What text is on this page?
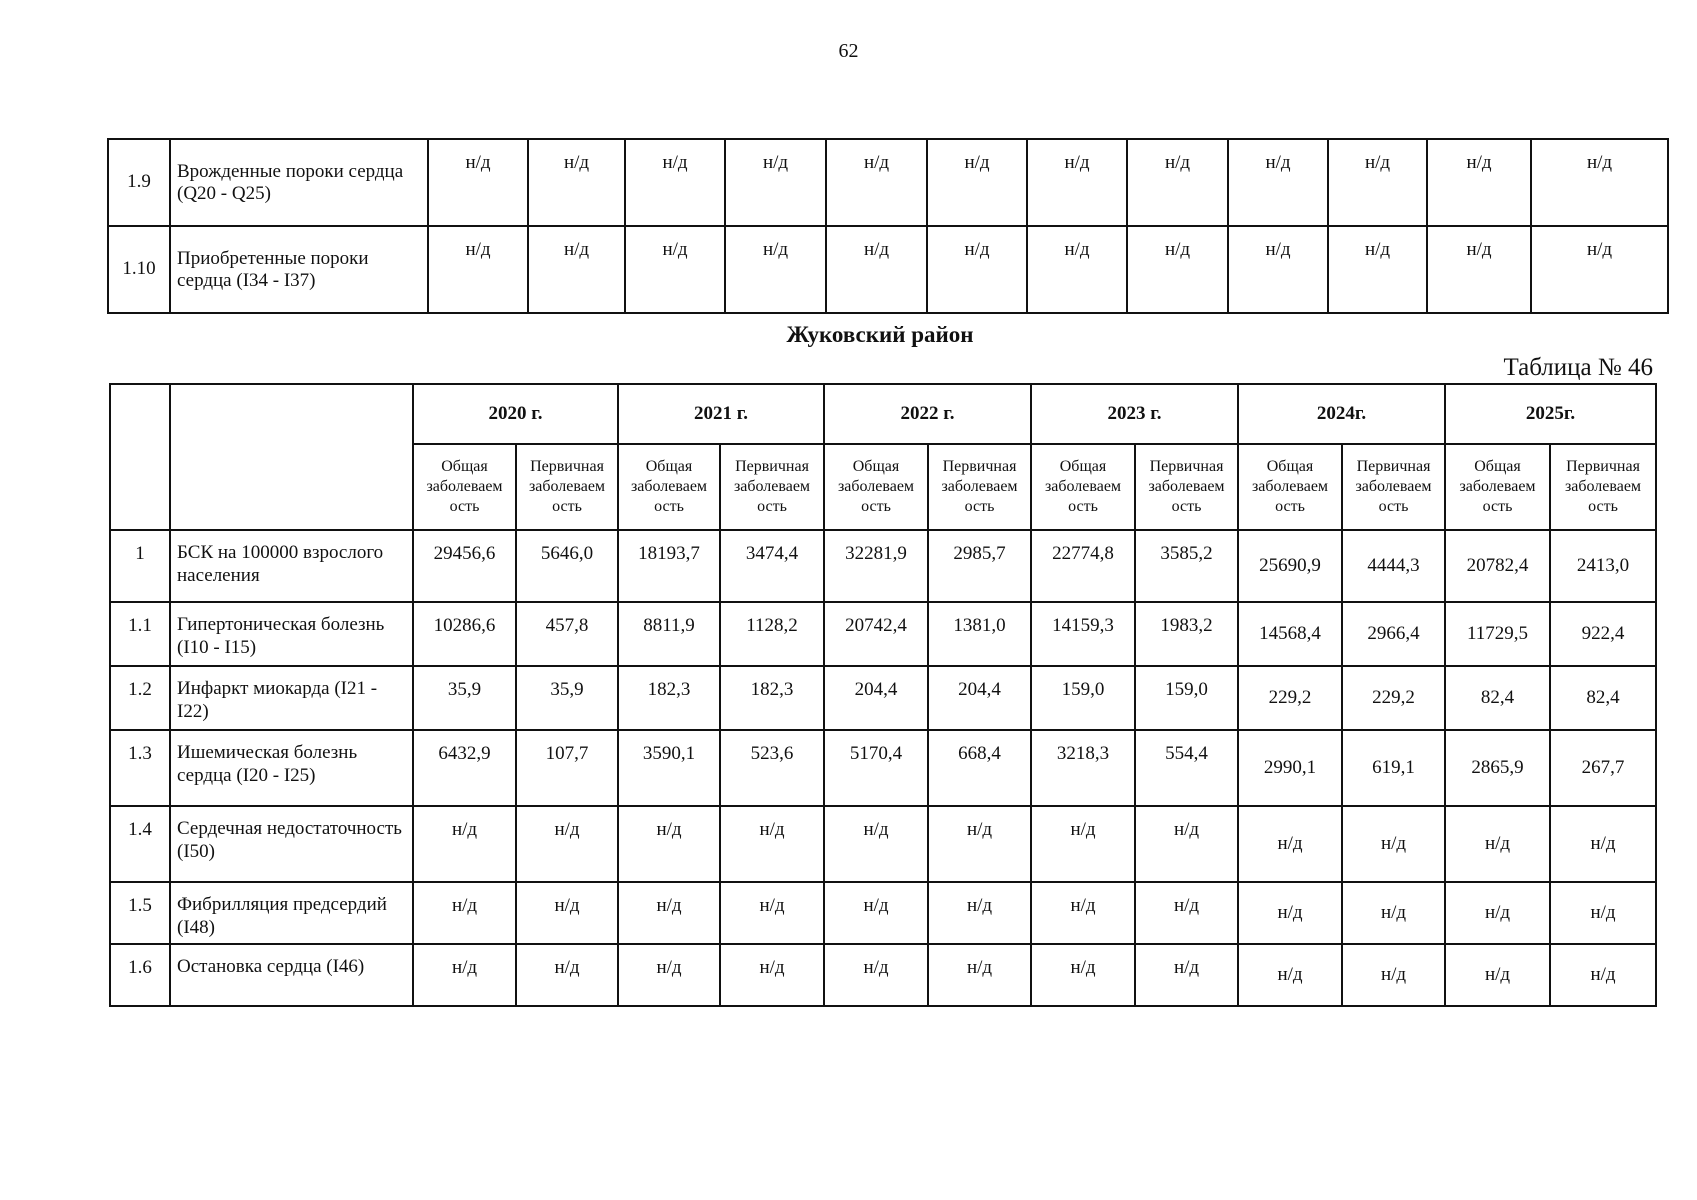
62
1.9	Врожденные пороки сердца (Q20 - Q25)	н/д	н/д	н/д	н/д	н/д	н/д	н/д	н/д	н/д	н/д	н/д	н/д
1.10	Приобретенные пороки сердца (I34 - I37)	н/д	н/д	н/д	н/д	н/д	н/д	н/д	н/д	н/д	н/д	н/д	н/д
Жуковский район
Таблица № 46
		2020 г.		2021 г.		2022 г.		2023 г.		2024г.		2025г.	
		Общая заболеваем ость	Первичная заболеваем ость	Общая заболеваем ость	Первичная заболеваем ость	Общая заболеваем ость	Первичная заболеваем ость	Общая заболеваем ость	Первичная заболеваем ость	Общая заболеваем ость	Первичная заболеваем ость	Общая заболеваем ость	Первичная заболеваем ость
1	БСК на 100000 взрослого населения	29456,6	5646,0	18193,7	3474,4	32281,9	2985,7	22774,8	3585,2	25690,9	4444,3	20782,4	2413,0
1.1	Гипертоническая болезнь (I10 - I15)	10286,6	457,8	8811,9	1128,2	20742,4	1381,0	14159,3	1983,2	14568,4	2966,4	11729,5	922,4
1.2	Инфаркт миокарда (I21 - I22)	35,9	35,9	182,3	182,3	204,4	204,4	159,0	159,0	229,2	229,2	82,4	82,4
1.3	Ишемическая болезнь сердца (I20 - I25)	6432,9	107,7	3590,1	523,6	5170,4	668,4	3218,3	554,4	2990,1	619,1	2865,9	267,7
1.4	Сердечная недостаточность (I50)	н/д	н/д	н/д	н/д	н/д	н/д	н/д	н/д	н/д	н/д	н/д	н/д
1.5	Фибрилляция предсердий (I48)	н/д	н/д	н/д	н/д	н/д	н/д	н/д	н/д	н/д	н/д	н/д	н/д
1.6	Остановка сердца (I46)	н/д	н/д	н/д	н/д	н/д	н/д	н/д	н/д	н/д	н/д	н/д	н/д
